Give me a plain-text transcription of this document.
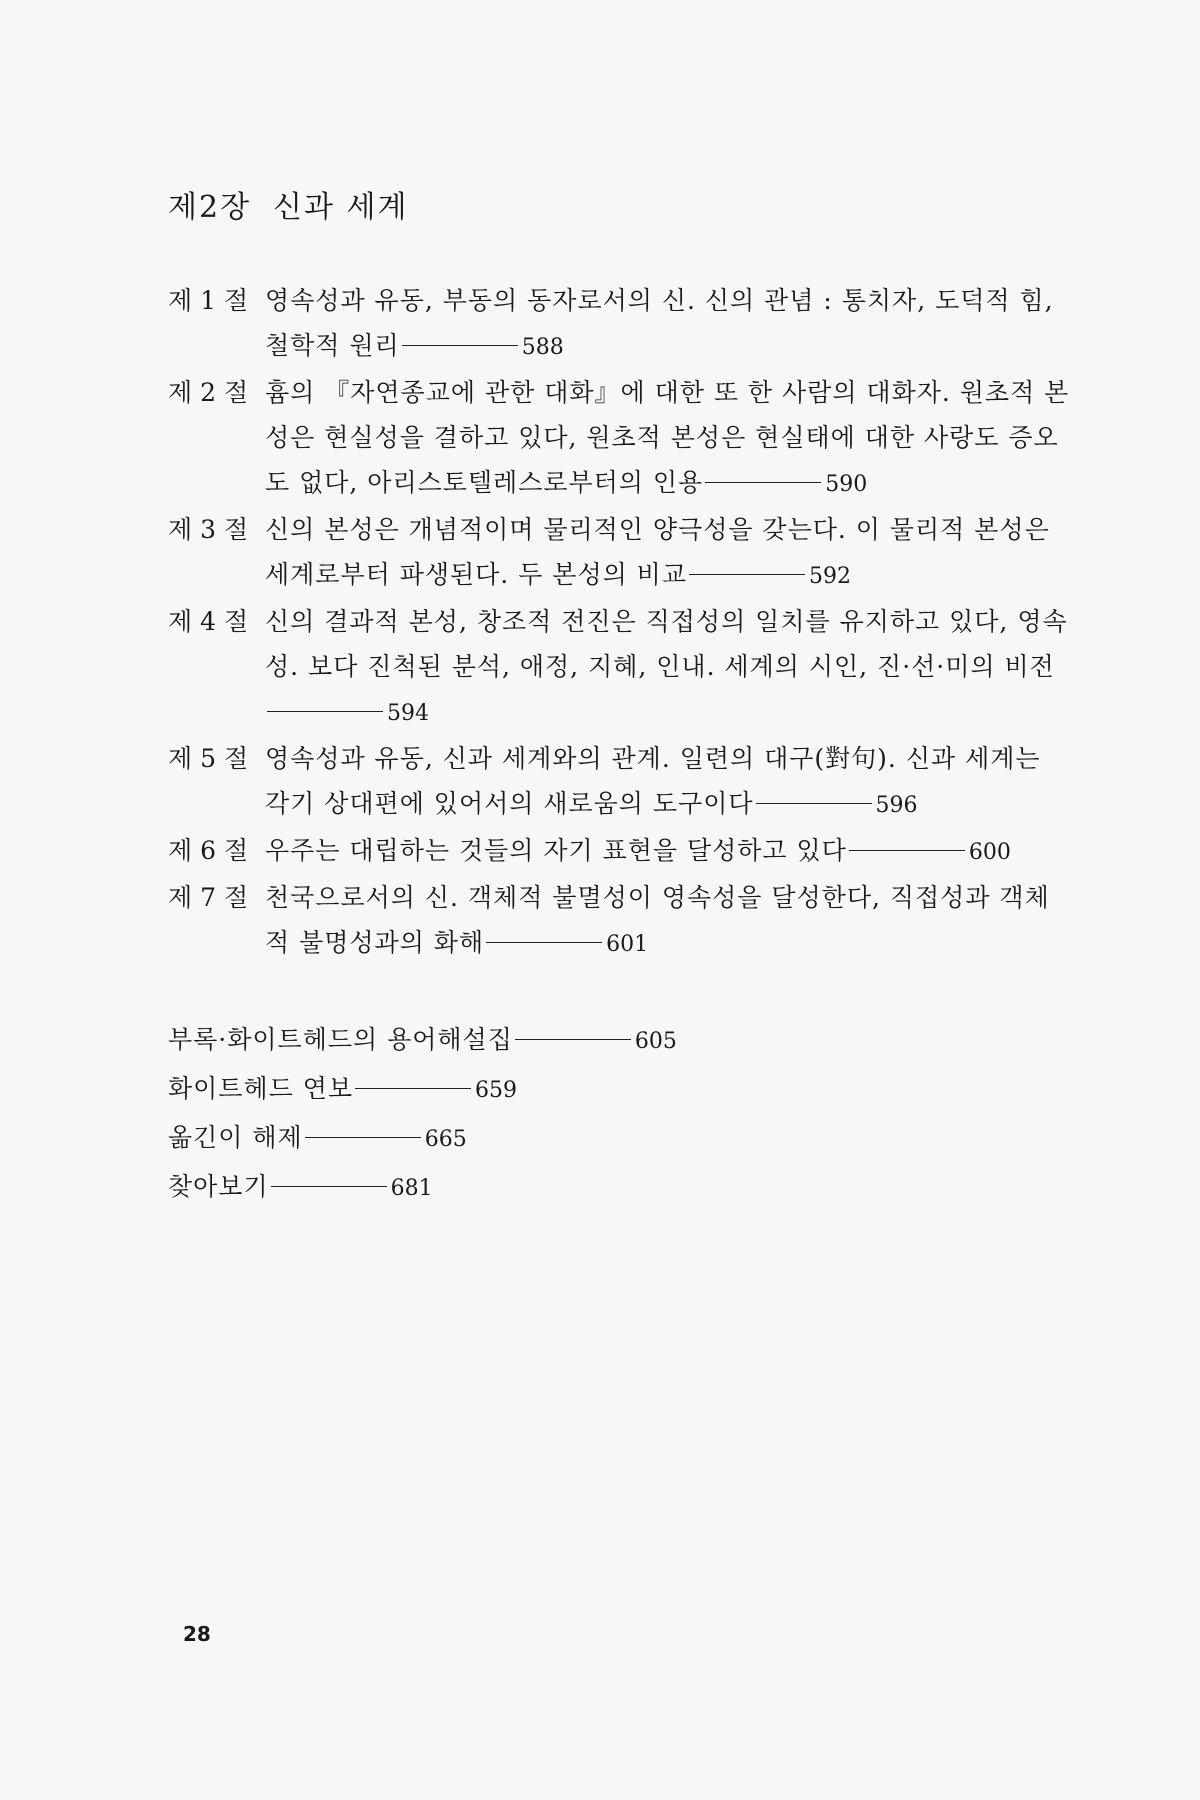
제2장 신과 세계
제 1 절 영속성과 유동, 부동의 동자로서의 신. 신의 관념 : 통치자, 도덕적 힘, 철학적 원리	588
제 2 절 흄의 『자연종교에 관한 대화』에 대한 또 한 사람의 대화자. 원초적 본성은 현실성을 결하고 있다, 원초적 본성은 현실태에 대한 사랑도 증오도 없다, 아리스토텔레스로부터의 인용	590
제 3 절 신의 본성은 개념적이며 물리적인 양극성을 갖는다. 이 물리적 본성은 세계로부터 파생된다. 두 본성의 비교	592
제 4 절 신의 결과적 본성, 창조적 전진은 직접성의 일치를 유지하고 있다, 영속성. 보다 진척된 분석, 애정, 지혜, 인내. 세계의 시인, 진·선·미의 비전594
제 5 절 영속성과 유동, 신과 세계와의 관계. 일련의 대구(對句). 신과 세계는 각기 상대편에 있어서의 새로움의 도구이다	596
제 6 절 우주는 대립하는 것들의 자기 표현을 달성하고 있다	600
제 7 절 천국으로서의 신. 객체적 불멸성이 영속성을 달성한다, 직접성과 객체적 불명성과의 화해	601
부록·화이트헤드의 용어해설집	605
화이트헤드 연보	659
옮긴이 해제	665
찾아보기	681
28
